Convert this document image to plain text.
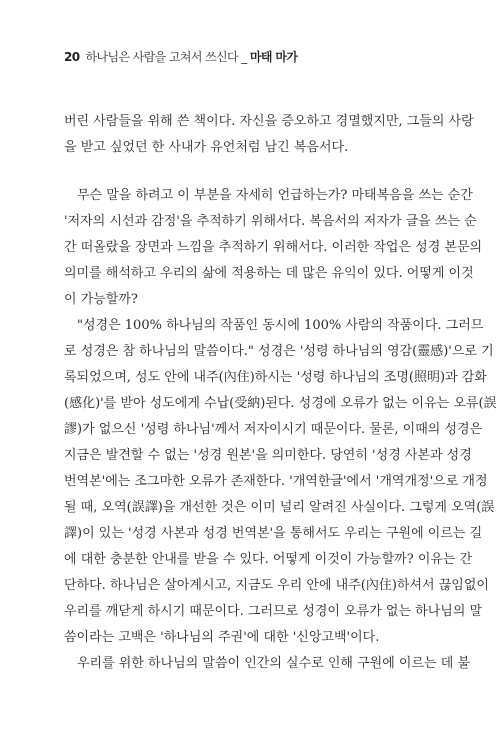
20 하나님은 사람을 고쳐서 쓰신다 _ 마태 마가
버린 사람들을 위해 쓴 책이다. 자신을 증오하고 경멸했지만, 그들의 사랑
을 받고 싶었던 한 사내가 유언처럼 남긴 복음서다.
무슨 말을 하려고 이 부분을 자세히 언급하는가? 마태복음을 쓰는 순간
'저자의 시선과 감정'을 추적하기 위해서다. 복음서의 저자가 글을 쓰는 순
간 떠올랐을 장면과 느낌을 추적하기 위해서다. 이러한 작업은 성경 본문의
의미를 해석하고 우리의 삶에 적용하는 데 많은 유익이 있다. 어떻게 이것
이 가능할까?
"성경은 100% 하나님의 작품인 동시에 100% 사람의 작품이다. 그러므
로 성경은 참 하나님의 말씀이다." 성경은 '성령 하나님의 영감(靈感)'으로 기
록되었으며, 성도 안에 내주(內住)하시는 '성령 하나님의 조명(照明)과 감화
(感化)'를 받아 성도에게 수납(受納)된다. 성경에 오류가 없는 이유는 오류(誤
謬)가 없으신 '성령 하나님'께서 저자이시기 때문이다. 물론, 이때의 성경은
지금은 발견할 수 없는 '성경 원본'을 의미한다. 당연히 '성경 사본과 성경
번역본'에는 조그마한 오류가 존재한다. '개역한글'에서 '개역개정'으로 개정
될 때, 오역(誤譯)을 개선한 것은 이미 널리 알려진 사실이다. 그렇게 오역(誤
譯)이 있는 '성경 사본과 성경 번역본'을 통해서도 우리는 구원에 이르는 길
에 대한 충분한 안내를 받을 수 있다. 어떻게 이것이 가능할까? 이유는 간
단하다. 하나님은 살아계시고, 지금도 우리 안에 내주(內住)하셔서 끊임없이
우리를 깨닫게 하시기 때문이다. 그러므로 성경이 오류가 없는 하나님의 말
씀이라는 고백은 '하나님의 주권'에 대한 '신앙고백'이다.
우리를 위한 하나님의 말씀이 인간의 실수로 인해 구원에 이르는 데 불
